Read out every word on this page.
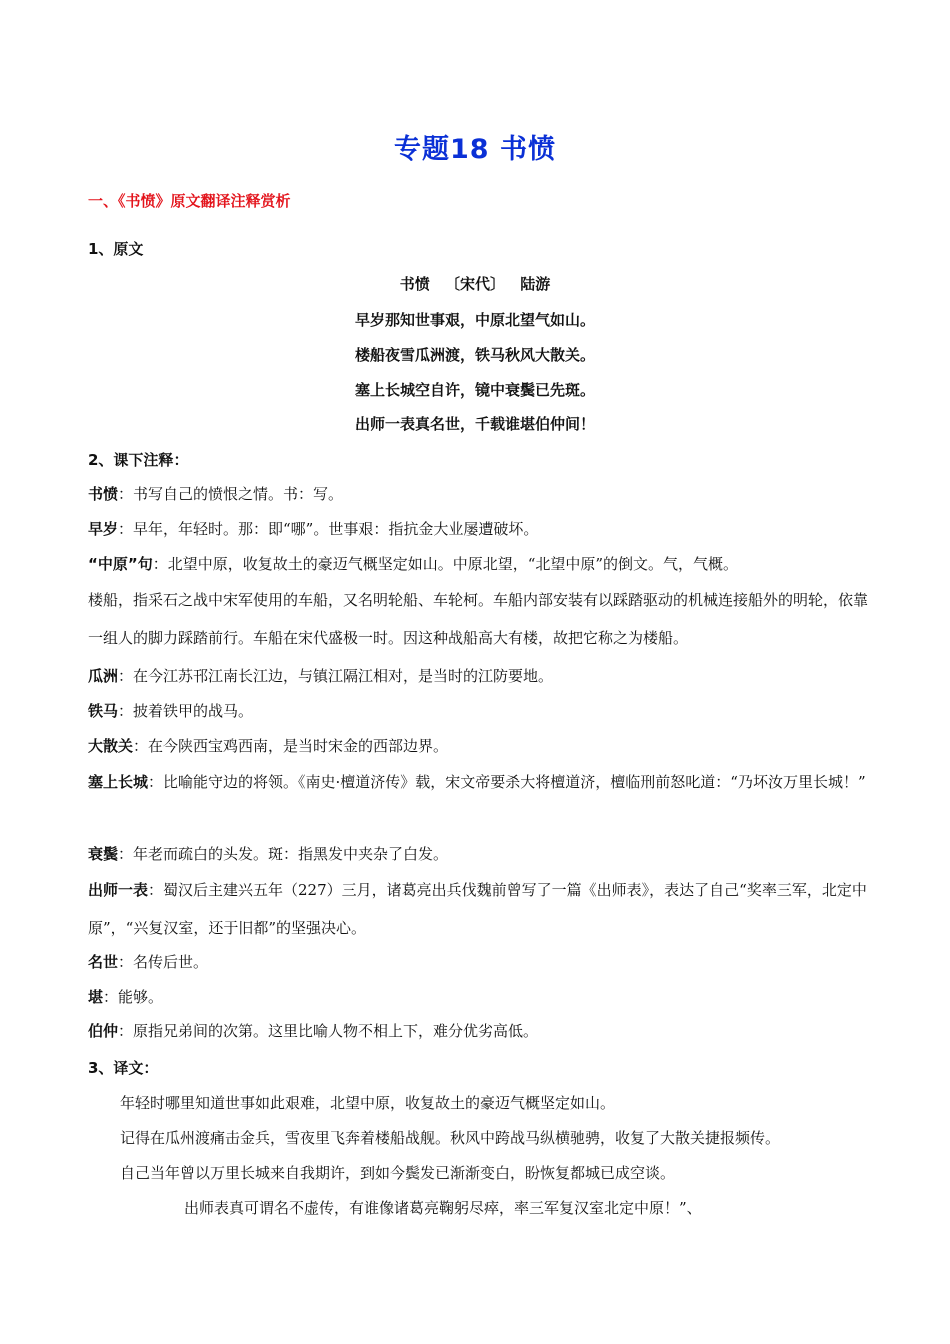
专题18 书愤
一、《书愤》原文翻译注释赏析
1、原文
书愤 〔宋代〕 陆游
早岁那知世事艰，中原北望气如山。
楼船夜雪瓜洲渡，铁马秋风大散关。
塞上长城空自许，镜中衰鬓已先斑。
出师一表真名世，千载谁堪伯仲间！
2、课下注释：
书愤：书写自己的愤恨之情。书：写。
早岁：早年，年轻时。那：即“哪”。世事艰：指抗金大业屡遭破坏。
“中原”句：北望中原，收复故土的豪迈气概坚定如山。中原北望，“北望中原”的倒文。气，气概。
楼船，指采石之战中宋军使用的车船，又名明轮船、车轮柯。车船内部安装有以踩踏驱动的机械连接船外的明轮，依靠一组人的脚力踩踏前行。车船在宋代盛极一时。因这种战船高大有楼，故把它称之为楼船。
瓜洲：在今江苏邗江南长江边，与镇江隔江相对，是当时的江防要地。
铁马：披着铁甲的战马。
大散关：在今陕西宝鸡西南，是当时宋金的西部边界。
塞上长城：比喻能守边的将领。《南史·檀道济传》载，宋文帝要杀大将檀道济，檀临刑前怒叱道：“乃坏汝万里长城！”
衰鬓：年老而疏白的头发。斑：指黑发中夹杂了白发。
出师一表：蜀汉后主建兴五年（227）三月，诸葛亮出兵伐魏前曾写了一篇《出师表》，表达了自己“奖率三军，北定中原”，“兴复汉室，还于旧都”的坚强决心。
名世：名传后世。
堪：能够。
伯仲：原指兄弟间的次第。这里比喻人物不相上下，难分优劣高低。
3、译文：
年轻时哪里知道世事如此艰难，北望中原，收复故土的豪迈气概坚定如山。
记得在瓜州渡痛击金兵，雪夜里飞奔着楼船战舰。秋风中跨战马纵横驰骋，收复了大散关捷报频传。
自己当年曾以万里长城来自我期许，到如今鬓发已渐渐变白，盼恢复都城已成空谈。
出师表真可谓名不虚传，有谁像诸葛亮鞠躬尽瘁，率三军复汉室北定中原！”、
